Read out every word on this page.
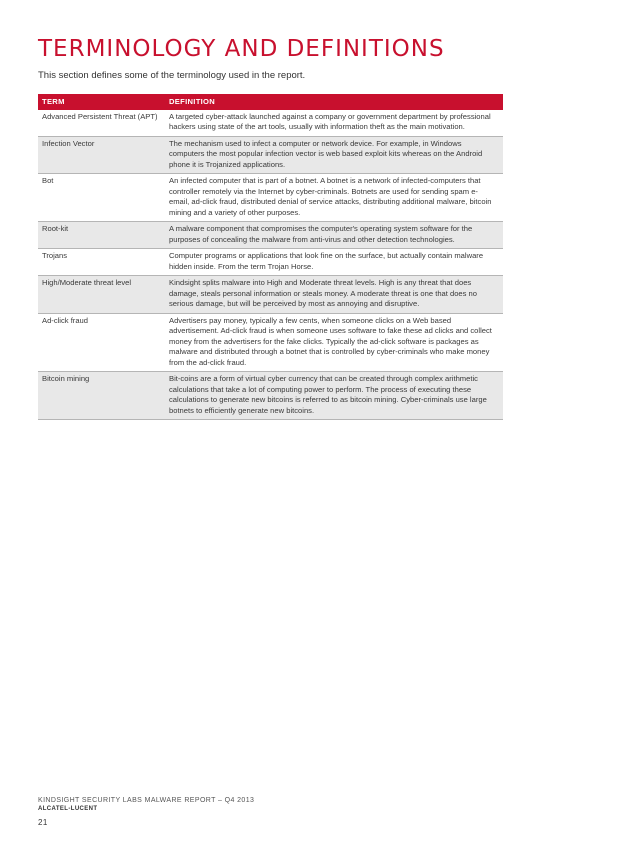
TERMINOLOGY AND DEFINITIONS
This section defines some of the terminology used in the report.
TERM	DEFINITION
Advanced Persistent Threat (APT)	A targeted cyber-attack launched against a company or government department by professional hackers using state of the art tools, usually with information theft as the main motivation.
Infection Vector	The mechanism used to infect a computer or network device. For example, in Windows computers the most popular infection vector is web based exploit kits whereas on the Android phone it is Trojanized applications.
Bot	An infected computer that is part of a botnet. A botnet is a network of infected-computers that controller remotely via the Internet by cyber-criminals. Botnets are used for sending spam e-email, ad-click fraud, distributed denial of service attacks, distributing additional malware, bitcoin mining and a variety of other purposes.
Root-kit	A malware component that compromises the computer's operating system software for the purposes of concealing the malware from anti-virus and other detection technologies.
Trojans	Computer programs or applications that look fine on the surface, but actually contain malware hidden inside. From the term Trojan Horse.
High/Moderate threat level	Kindsight splits malware into High and Moderate threat levels. High is any threat that does damage, steals personal information or steals money. A moderate threat is one that does no serious damage, but will be perceived by most as annoying and disruptive.
Ad-click fraud	Advertisers pay money, typically a few cents, when someone clicks on a Web based advertisement. Ad-click fraud is when someone uses software to fake these ad clicks and collect money from the advertisers for the fake clicks. Typically the ad-click software is packages as malware and distributed through a botnet that is controlled by cyber-criminals who make money from the ad-click fraud.
Bitcoin mining	Bit-coins are a form of virtual cyber currency that can be created through complex arithmetic calculations that take a lot of computing power to perform. The process of executing these calculations to generate new bitcoins is referred to as bitcoin mining. Cyber-criminals use large botnets to efficiently generate new bitcoins.
KINDSIGHT SECURITY LABS MALWARE REPORT – Q4 2013
ALCATEL-LUCENT
21
